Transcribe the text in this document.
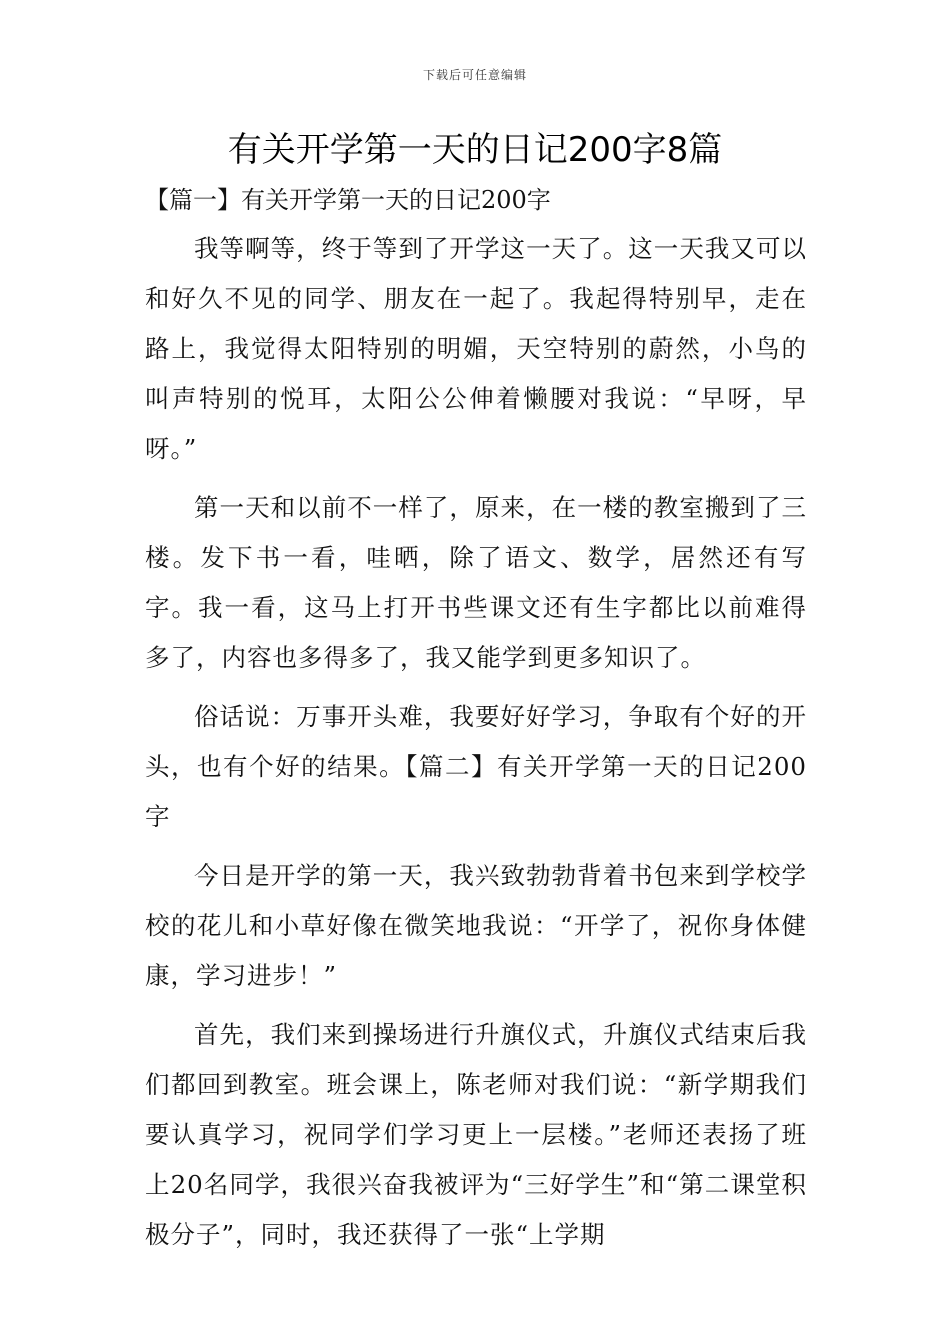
下载后可任意编辑
有关开学第一天的日记200字8篇
【篇一】有关开学第一天的日记200字

我等啊等，终于等到了开学这一天了。这一天我又可以和好久不见的同学、朋友在一起了。我起得特别早，走在路上，我觉得太阳特别的明媚，天空特别的蔚然，小鸟的叫声特别的悦耳，太阳公公伸着懒腰对我说：“早呀，早呀。”

第一天和以前不一样了，原来，在一楼的教室搬到了三楼。发下书一看，哇晒，除了语文、数学，居然还有写字。我一看，这马上打开书些课文还有生字都比以前难得多了，内容也多得多了，我又能学到更多知识了。

俗话说：万事开头难，我要好好学习，争取有个好的开头，也有个好的结果。【篇二】有关开学第一天的日记200字

今日是开学的第一天，我兴致勃勃背着书包来到学校学校的花儿和小草好像在微笑地我说：“开学了，祝你身体健康，学习进步！”

首先，我们来到操场进行升旗仪式，升旗仪式结束后我们都回到教室。班会课上，陈老师对我们说：“新学期我们要认真学习，祝同学们学习更上一层楼。”老师还表扬了班上20名同学，我很兴奋我被评为“三好学生”和“第二课堂积极分子”，同时，我还获得了一张“上学期
